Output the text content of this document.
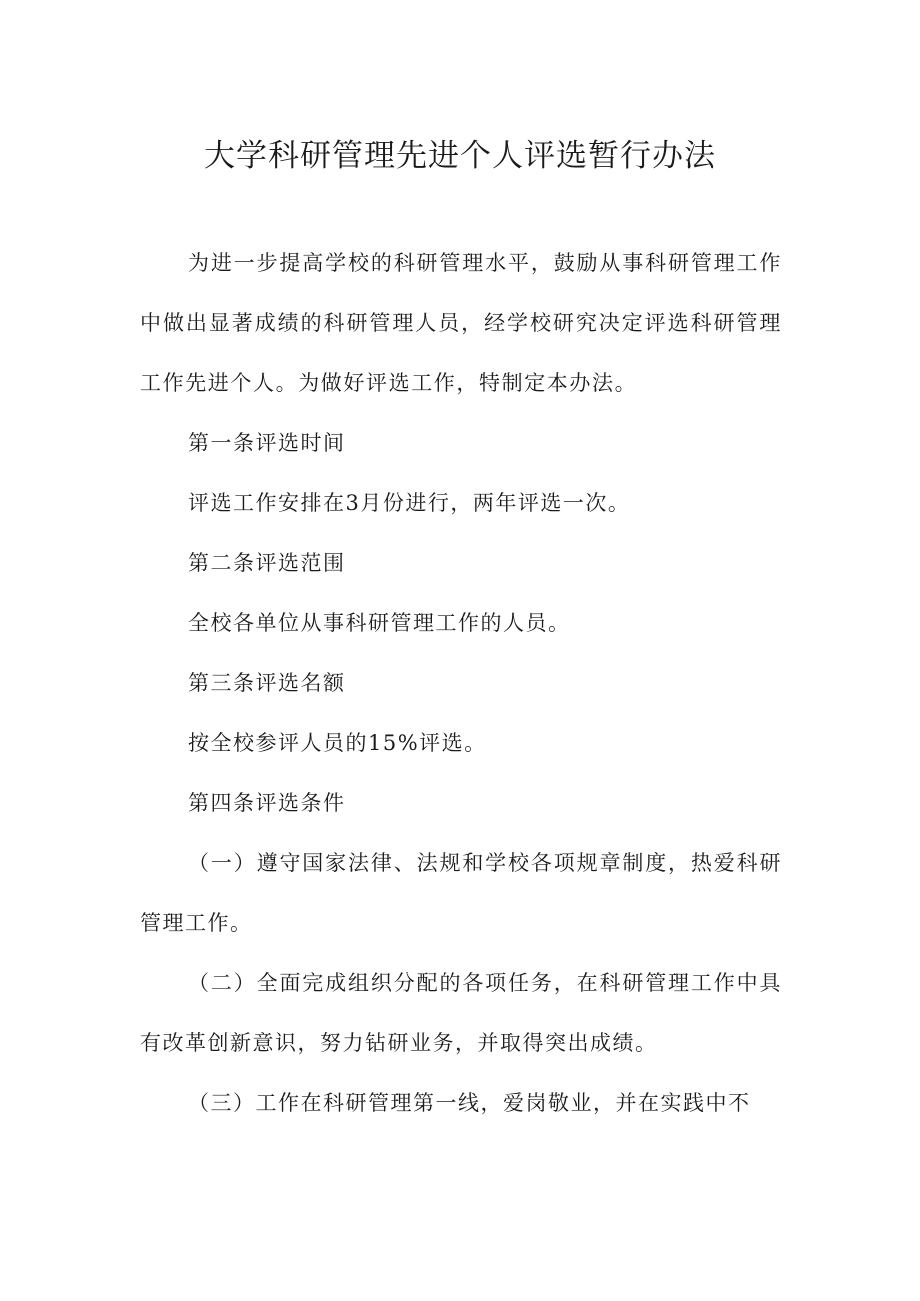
大学科研管理先进个人评选暂行办法

为进一步提高学校的科研管理水平，鼓励从事科研管理工作中做出显著成绩的科研管理人员，经学校研究决定评选科研管理工作先进个人。为做好评选工作，特制定本办法。

第一条评选时间

评选工作安排在3月份进行，两年评选一次。

第二条评选范围

全校各单位从事科研管理工作的人员。

第三条评选名额

按全校参评人员的15%评选。

第四条评选条件

（一）遵守国家法律、法规和学校各项规章制度，热爱科研管理工作。

（二）全面完成组织分配的各项任务，在科研管理工作中具有改革创新意识，努力钻研业务，并取得突出成绩。

（三）工作在科研管理第一线，爱岗敬业，并在实践中不
